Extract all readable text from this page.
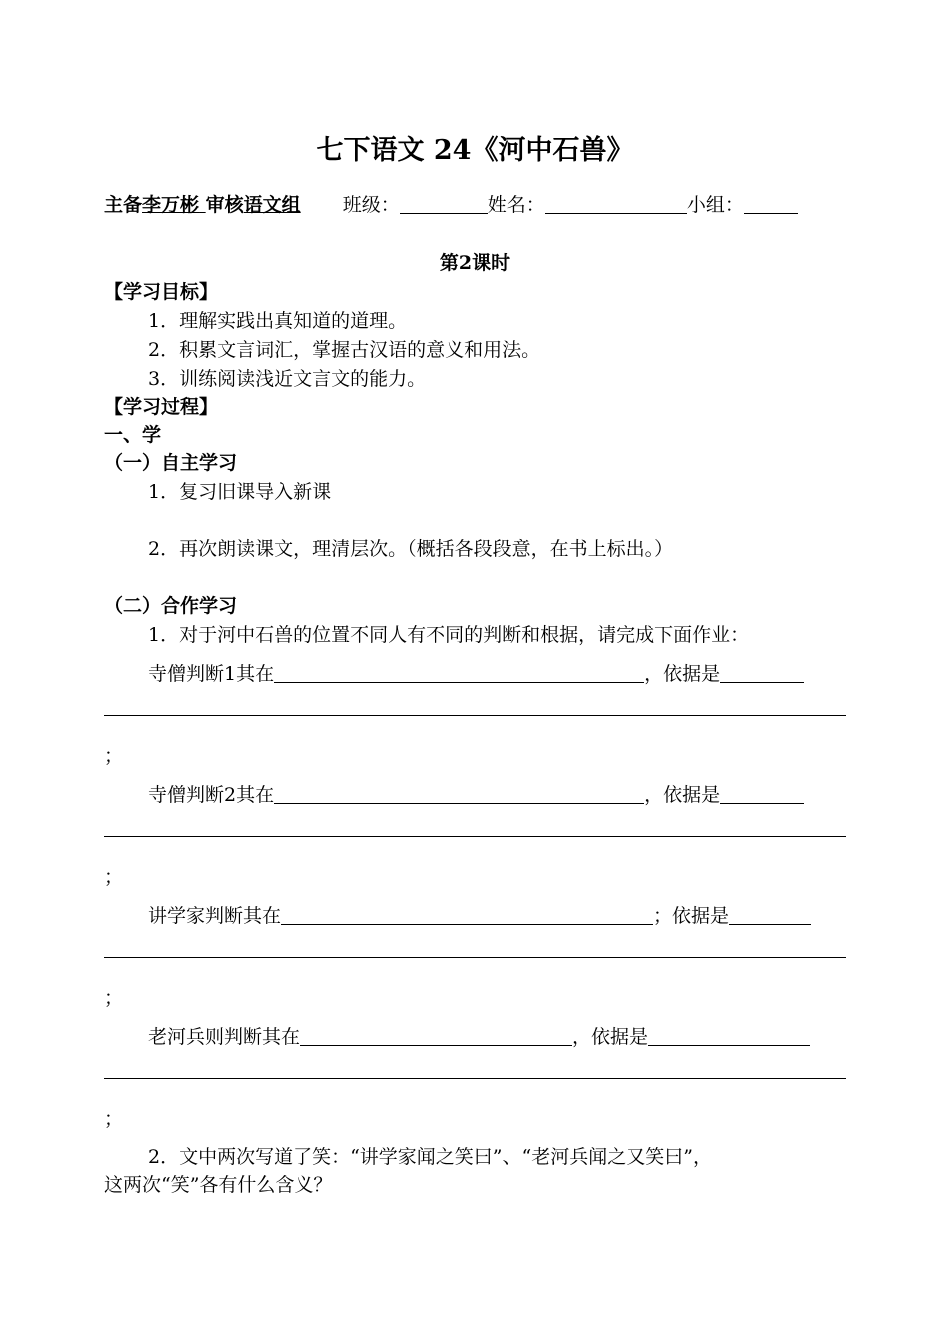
七下语文 24《河中石兽》
主备李万彬 审核语文组 班级：	姓名：	小组：
第2课时
【学习目标】
1．理解实践出真知道的道理。
2．积累文言词汇，掌握古汉语的意义和用法。
3．训练阅读浅近文言文的能力。
【学习过程】
一、学
（一）自主学习
1．复习旧课导入新课
2．再次朗读课文，理清层次。（概括各段段意，在书上标出。）
（二）合作学习
1．对于河中石兽的位置不同人有不同的判断和根据，请完成下面作业：
寺僧判断1其在	，依据是
；
寺僧判断2其在	，依据是
；
讲学家判断其在	；依据是
；
老河兵则判断其在	，依据是
；
2．文中两次写道了笑：“讲学家闻之笑曰”、“老河兵闻之又笑曰”，
这两次“笑”各有什么含义？
